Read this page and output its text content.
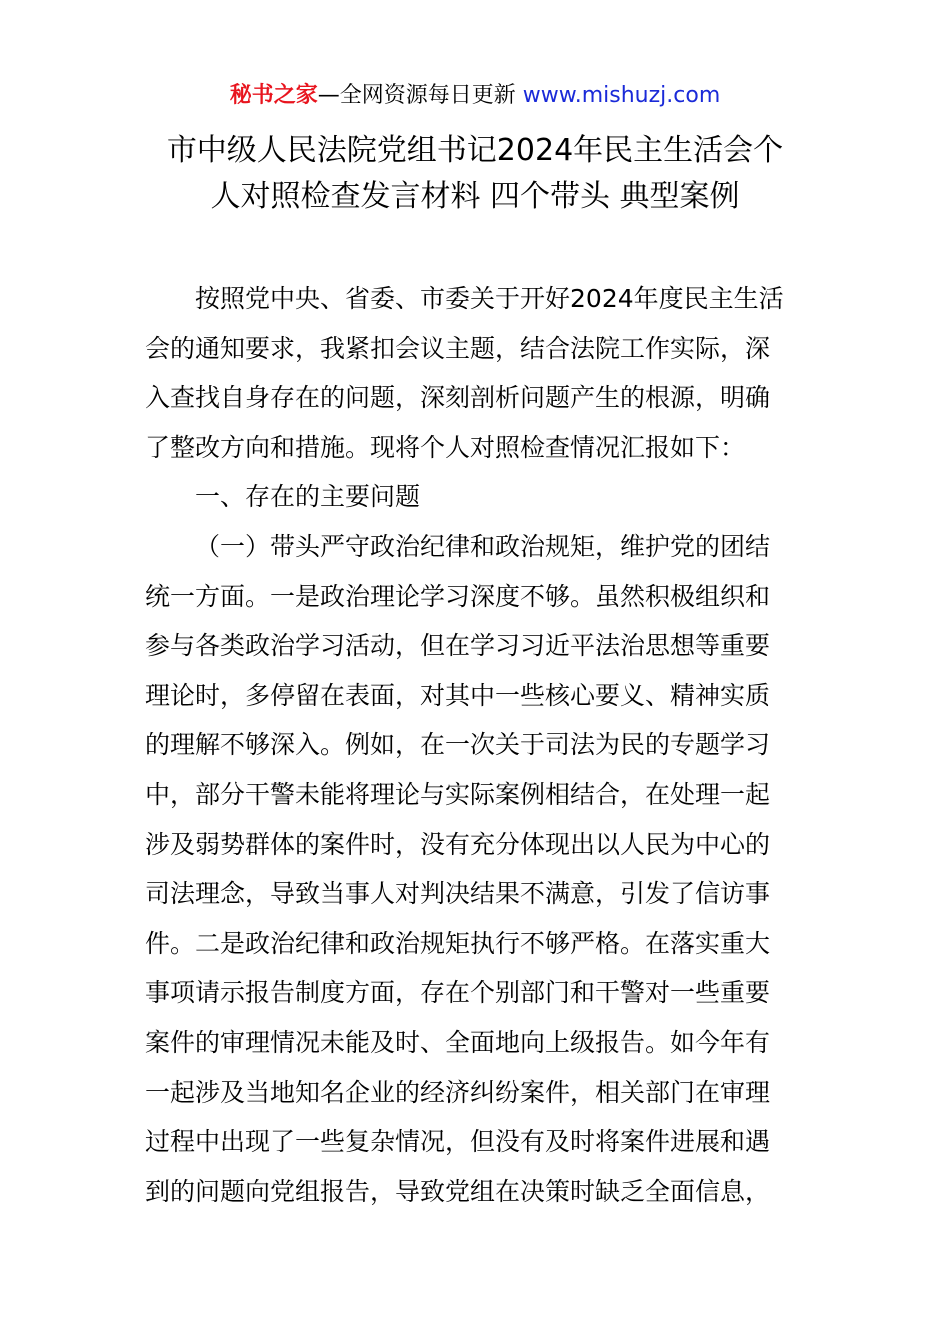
秘书之家—全网资源每日更新 www.mishuzj.com
市中级人民法院党组书记2024年民主生活会个
人对照检查发言材料 四个带头 典型案例
按照党中央、省委、市委关于开好2024年度民主生活
会的通知要求，我紧扣会议主题，结合法院工作实际，深
入查找自身存在的问题，深刻剖析问题产生的根源，明确
了整改方向和措施。现将个人对照检查情况汇报如下：
一、存在的主要问题
（一）带头严守政治纪律和政治规矩，维护党的团结
统一方面。一是政治理论学习深度不够。虽然积极组织和
参与各类政治学习活动，但在学习习近平法治思想等重要
理论时，多停留在表面，对其中一些核心要义、精神实质
的理解不够深入。例如，在一次关于司法为民的专题学习
中，部分干警未能将理论与实际案例相结合，在处理一起
涉及弱势群体的案件时，没有充分体现出以人民为中心的
司法理念，导致当事人对判决结果不满意，引发了信访事
件。二是政治纪律和政治规矩执行不够严格。在落实重大
事项请示报告制度方面，存在个别部门和干警对一些重要
案件的审理情况未能及时、全面地向上级报告。如今年有
一起涉及当地知名企业的经济纠纷案件，相关部门在审理
过程中出现了一些复杂情况，但没有及时将案件进展和遇
到的问题向党组报告，导致党组在决策时缺乏全面信息，
